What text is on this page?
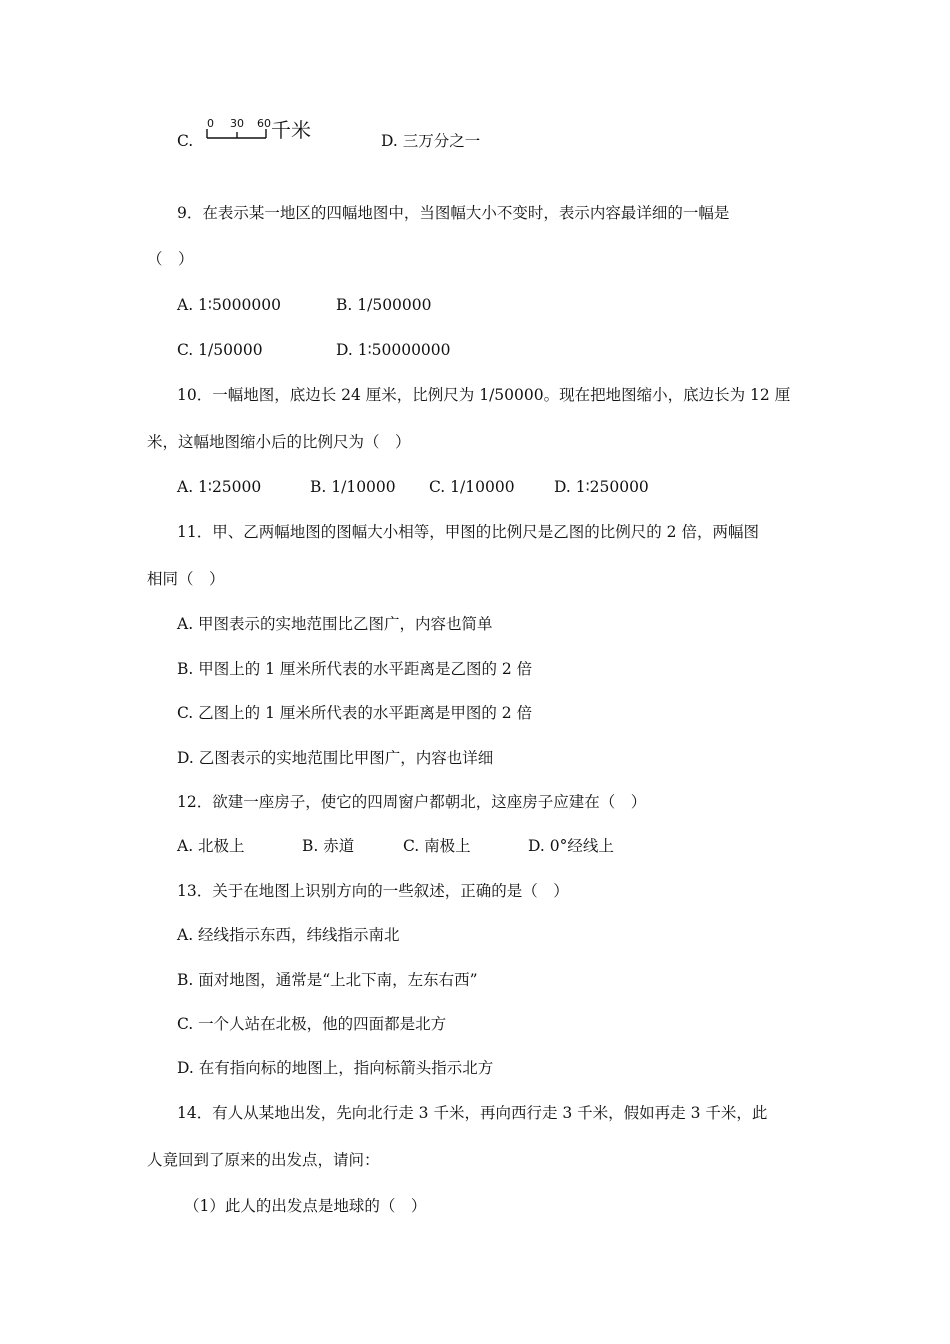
C.
0 30 60 千米	D. 三万分之一
9．在表示某一地区的四幅地图中，当图幅大小不变时，表示内容最详细的一幅是
（　）
A. 1∶5000000	B. 1/500000
C. 1/50000	D. 1∶50000000
10．一幅地图，底边长 24 厘米，比例尺为 1/50000。现在把地图缩小，底边长为 12 厘
米，这幅地图缩小后的比例尺为（　）
A. 1∶25000	B. 1/10000 C. 1/10000	D. 1∶250000
11．甲、乙两幅地图的图幅大小相等，甲图的比例尺是乙图的比例尺的 2 倍，两幅图
相同（　）
A. 甲图表示的实地范围比乙图广，内容也简单
B. 甲图上的 1 厘米所代表的水平距离是乙图的 2 倍
C. 乙图上的 1 厘米所代表的水平距离是甲图的 2 倍
D. 乙图表示的实地范围比甲图广，内容也详细
12．欲建一座房子，使它的四周窗户都朝北，这座房子应建在（　）
A. 北极上	B. 赤道	C. 南极上	D. 0°经线上
13．关于在地图上识别方向的一些叙述，正确的是（　）
A. 经线指示东西，纬线指示南北
B. 面对地图，通常是“上北下南，左东右西”
C. 一个人站在北极，他的四面都是北方
D. 在有指向标的地图上，指向标箭头指示北方
14．有人从某地出发，先向北行走 3 千米，再向西行走 3 千米，假如再走 3 千米，此
人竟回到了原来的出发点，请问：
（1）此人的出发点是地球的（　）
